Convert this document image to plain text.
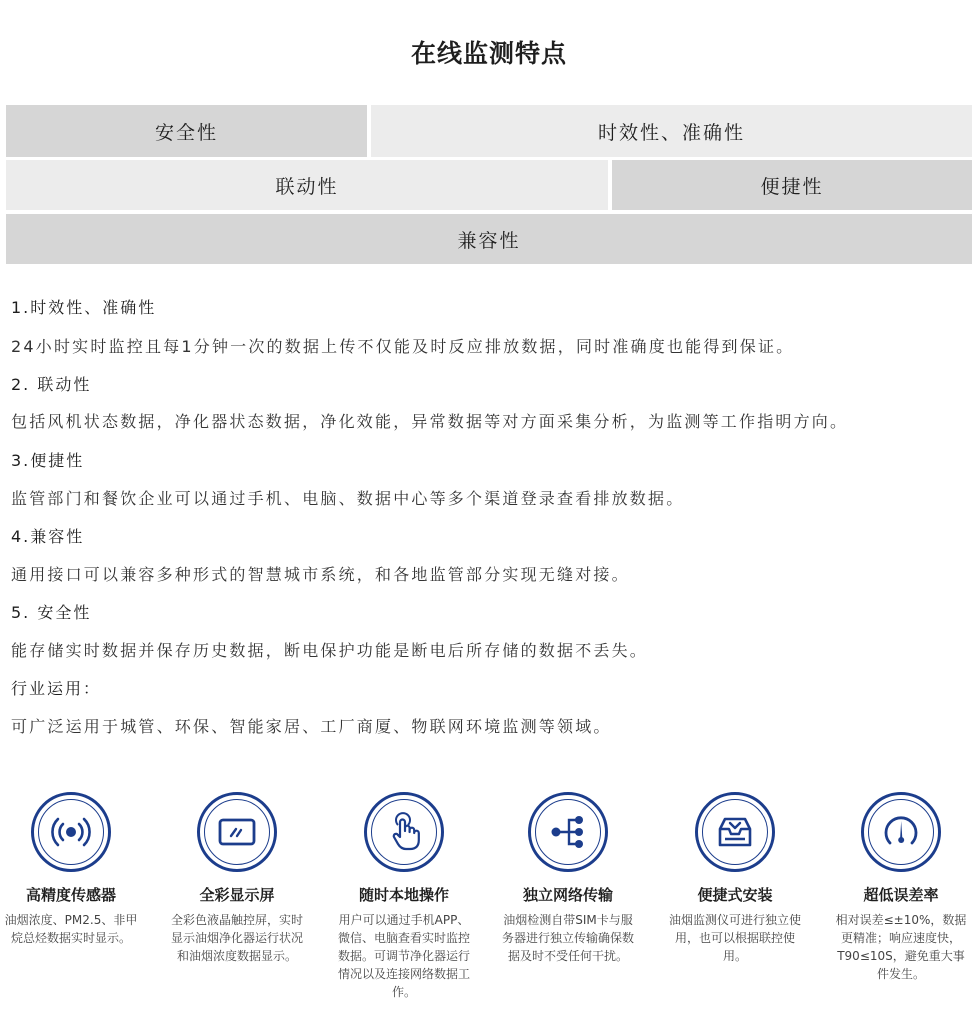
在线监测特点
安全性	时效性、准确性
联动性	便捷性
兼容性
1.时效性、准确性
24小时实时监控且每1分钟一次的数据上传不仅能及时反应排放数据，同时准确度也能得到保证。
2. 联动性
包括风机状态数据，净化器状态数据，净化效能，异常数据等对方面采集分析，为监测等工作指明方向。
3.便捷性
监管部门和餐饮企业可以通过手机、电脑、数据中心等多个渠道登录查看排放数据。
4.兼容性
通用接口可以兼容多种形式的智慧城市系统，和各地监管部分实现无缝对接。
5. 安全性
能存储实时数据并保存历史数据，断电保护功能是断电后所存储的数据不丢失。
行业运用：
可广泛运用于城管、环保、智能家居、工厂商厦、物联网环境监测等领域。
高精度传感器
油烟浓度、PM2.5、非甲烷总烃数据实时显示。
全彩显示屏
全彩色液晶触控屏，实时显示油烟净化器运行状况和油烟浓度数据显示。
随时本地操作
用户可以通过手机APP、微信、电脑查看实时监控数据。可调节净化器运行情况以及连接网络数据工作。
独立网络传输
油烟检测自带SIM卡与服务器进行独立传输确保数据及时不受任何干扰。
便捷式安装
油烟监测仪可进行独立使用，也可以根据联控使用。
超低误差率
相对误差≤±10%，数据更精准；响应速度快，T90≤10S，避免重大事件发生。
